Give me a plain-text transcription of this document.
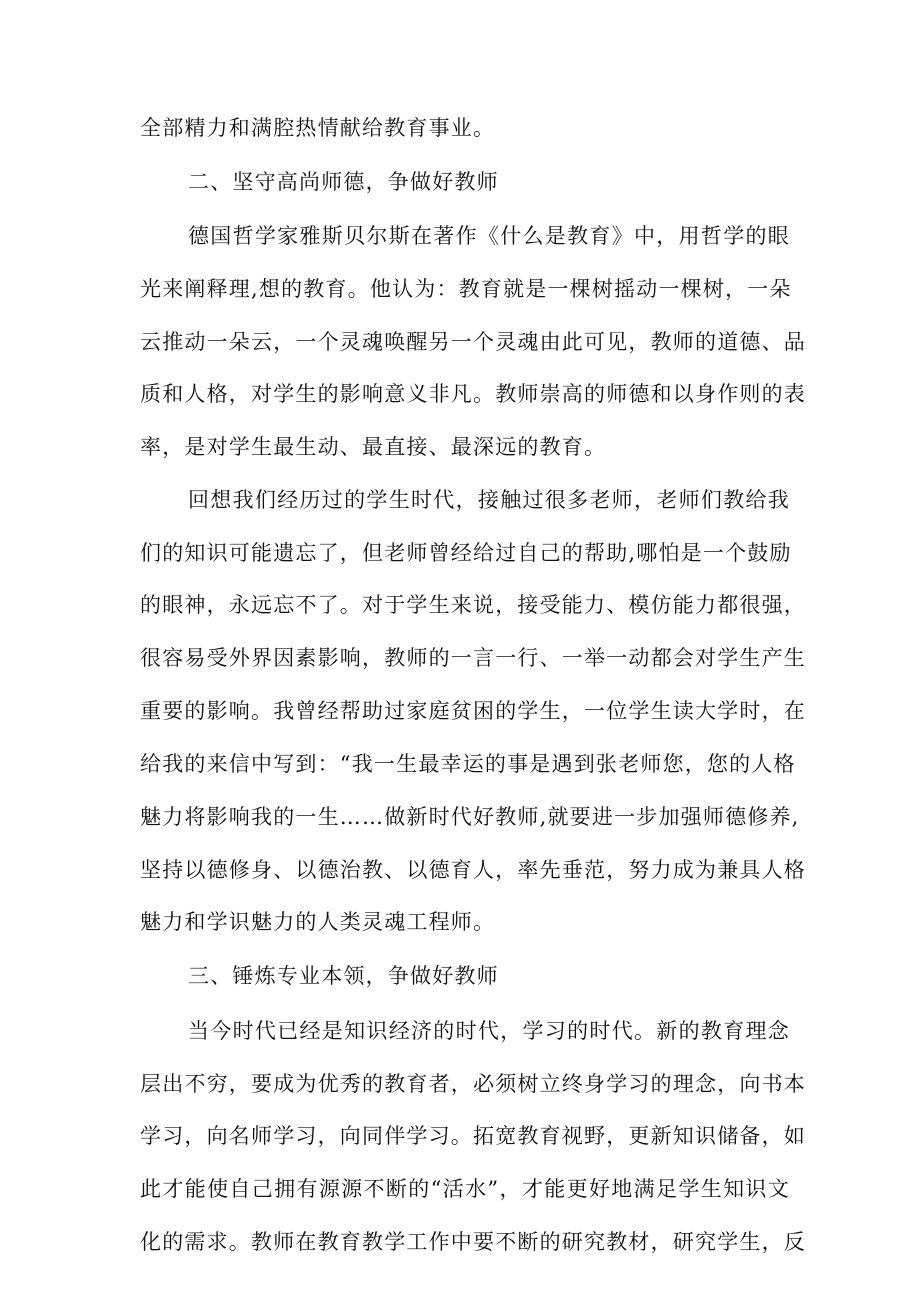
全部精力和满腔热情献给教育事业。
二、坚守高尚师德，争做好教师
德国哲学家雅斯贝尔斯在著作《什么是教育》中，用哲学的眼
光来阐释理,想的教育。他认为：教育就是一棵树摇动一棵树，一朵
云推动一朵云，一个灵魂唤醒另一个灵魂由此可见，教师的道德、品
质和人格，对学生的影响意义非凡。教师崇高的师德和以身作则的表
率，是对学生最生动、最直接、最深远的教育。
回想我们经历过的学生时代，接触过很多老师，老师们教给我
们的知识可能遗忘了，但老师曾经给过自己的帮助,哪怕是一个鼓励
的眼神，永远忘不了。对于学生来说，接受能力、模仿能力都很强，
很容易受外界因素影响，教师的一言一行、一举一动都会对学生产生
重要的影响。我曾经帮助过家庭贫困的学生，一位学生读大学时，在
给我的来信中写到：“我一生最幸运的事是遇到张老师您，您的人格
魅力将影响我的一生……做新时代好教师,就要进一步加强师德修养,
坚持以德修身、以德治教、以德育人，率先垂范，努力成为兼具人格
魅力和学识魅力的人类灵魂工程师。
三、锤炼专业本领，争做好教师
当今时代已经是知识经济的时代，学习的时代。新的教育理念
层出不穷，要成为优秀的教育者，必须树立终身学习的理念，向书本
学习，向名师学习，向同伴学习。拓宽教育视野，更新知识储备，如
此才能使自己拥有源源不断的“活水”，才能更好地满足学生知识文
化的需求。教师在教育教学工作中要不断的研究教材，研究学生，反
